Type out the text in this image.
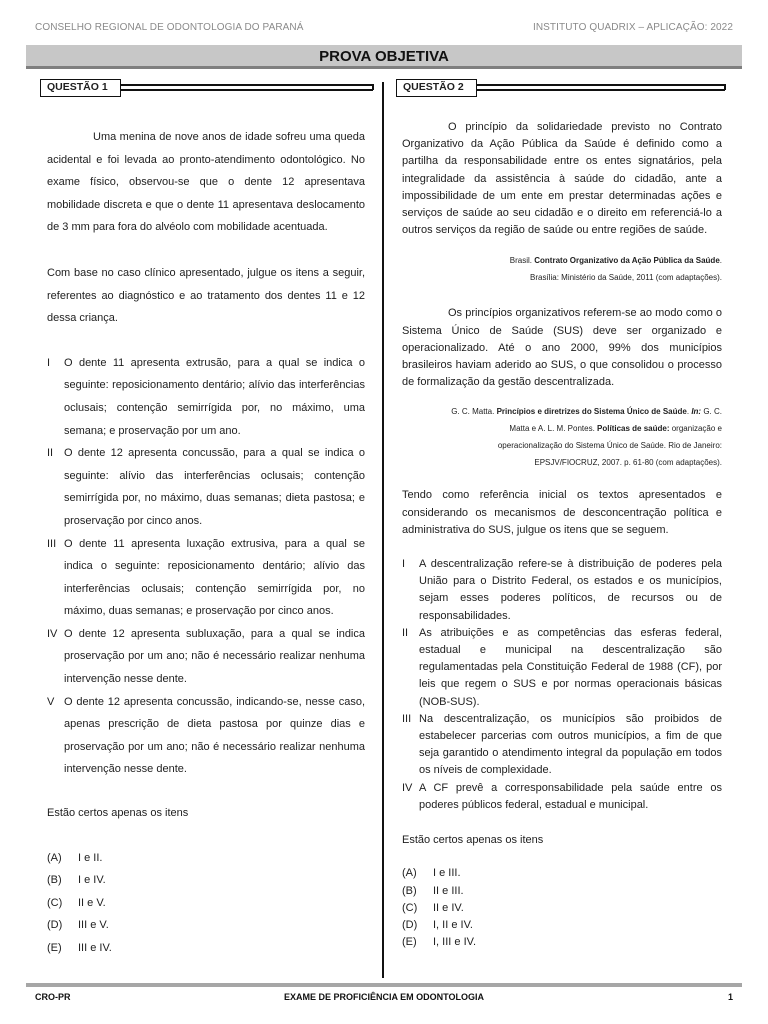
CONSELHO REGIONAL DE ODONTOLOGIA DO PARANÁ	INSTITUTO QUADRIX – APLICAÇÃO: 2022
PROVA OBJETIVA
QUESTÃO 1	QUESTÃO 2

Uma menina de nove anos de idade sofreu uma queda acidental e foi levada ao pronto-atendimento odontológico. No exame físico, observou-se que o dente 12 apresentava mobilidade discreta e que o dente 11 apresentava deslocamento de 3 mm para fora do alvéolo com mobilidade acentuada.

Com base no caso clínico apresentado, julgue os itens a seguir, referentes ao diagnóstico e ao tratamento dos dentes 11 e 12 dessa criança.

I O dente 11 apresenta extrusão, para a qual se indica o seguinte: reposicionamento dentário; alívio das interferências oclusais; contenção semirrígida por, no máximo, uma semana; e proservação por um ano.
II O dente 12 apresenta concussão, para a qual se indica o seguinte: alívio das interferências oclusais; contenção semirrígida por, no máximo, duas semanas; dieta pastosa; e proservação por cinco anos.
III O dente 11 apresenta luxação extrusiva, para a qual se indica o seguinte: reposicionamento dentário; alívio das interferências oclusais; contenção semirrígida por, no máximo, duas semanas; e proservação por cinco anos.
IV O dente 12 apresenta subluxação, para a qual se indica proservação por um ano; não é necessário realizar nenhuma intervenção nesse dente.
V O dente 12 apresenta concussão, indicando-se, nesse caso, apenas prescrição de dieta pastosa por quinze dias e proservação por um ano; não é necessário realizar nenhuma intervenção nesse dente.

Estão certos apenas os itens

(A)	I e II.
(B)	I e IV.
(C)	II e V.
(D)	III e V.
(E)	III e IV.

O princípio da solidariedade previsto no Contrato Organizativo da Ação Pública da Saúde é definido como a partilha da responsabilidade entre os entes signatários, pela integralidade da assistência à saúde do cidadão, ante a impossibilidade de um ente em prestar determinadas ações e serviços de saúde ao seu cidadão e o direito em referenciá-lo a outros serviços da região de saúde ou entre regiões de saúde.

Brasil. Contrato Organizativo da Ação Pública da Saúde.
Brasília: Ministério da Saúde, 2011 (com adaptações).

Os princípios organizativos referem-se ao modo como o Sistema Único de Saúde (SUS) deve ser organizado e operacionalizado. Até o ano 2000, 99% dos municípios brasileiros haviam aderido ao SUS, o que consolidou o processo de formalização da gestão descentralizada.

G. C. Matta. Princípios e diretrizes do Sistema Único de Saúde. In: G. C.
Matta e A. L. M. Pontes. Políticas de saúde: organização e
operacionalização do Sistema Único de Saúde. Rio de Janeiro:
EPSJV/FIOCRUZ, 2007. p. 61-80 (com adaptações).

Tendo como referência inicial os textos apresentados e considerando os mecanismos de desconcentração política e administrativa do SUS, julgue os itens que se seguem.

I A descentralização refere-se à distribuição de poderes pela União para o Distrito Federal, os estados e os municípios, sejam esses poderes políticos, de recursos ou de responsabilidades.
II As atribuições e as competências das esferas federal, estadual e municipal na descentralização são regulamentadas pela Constituição Federal de 1988 (CF), por leis que regem o SUS e por normas operacionais básicas (NOB-SUS).
III Na descentralização, os municípios são proibidos de estabelecer parcerias com outros municípios, a fim de que seja garantido o atendimento integral da população em todos os níveis de complexidade.
IV A CF prevê a corresponsabilidade pela saúde entre os poderes públicos federal, estadual e municipal.

Estão certos apenas os itens

(A)	I e III.
(B)	II e III.
(C)	II e IV.
(D)	I, II e IV.
(E)	I, III e IV.
CRO-PR	EXAME DE PROFICIÊNCIA EM ODONTOLOGIA	1
